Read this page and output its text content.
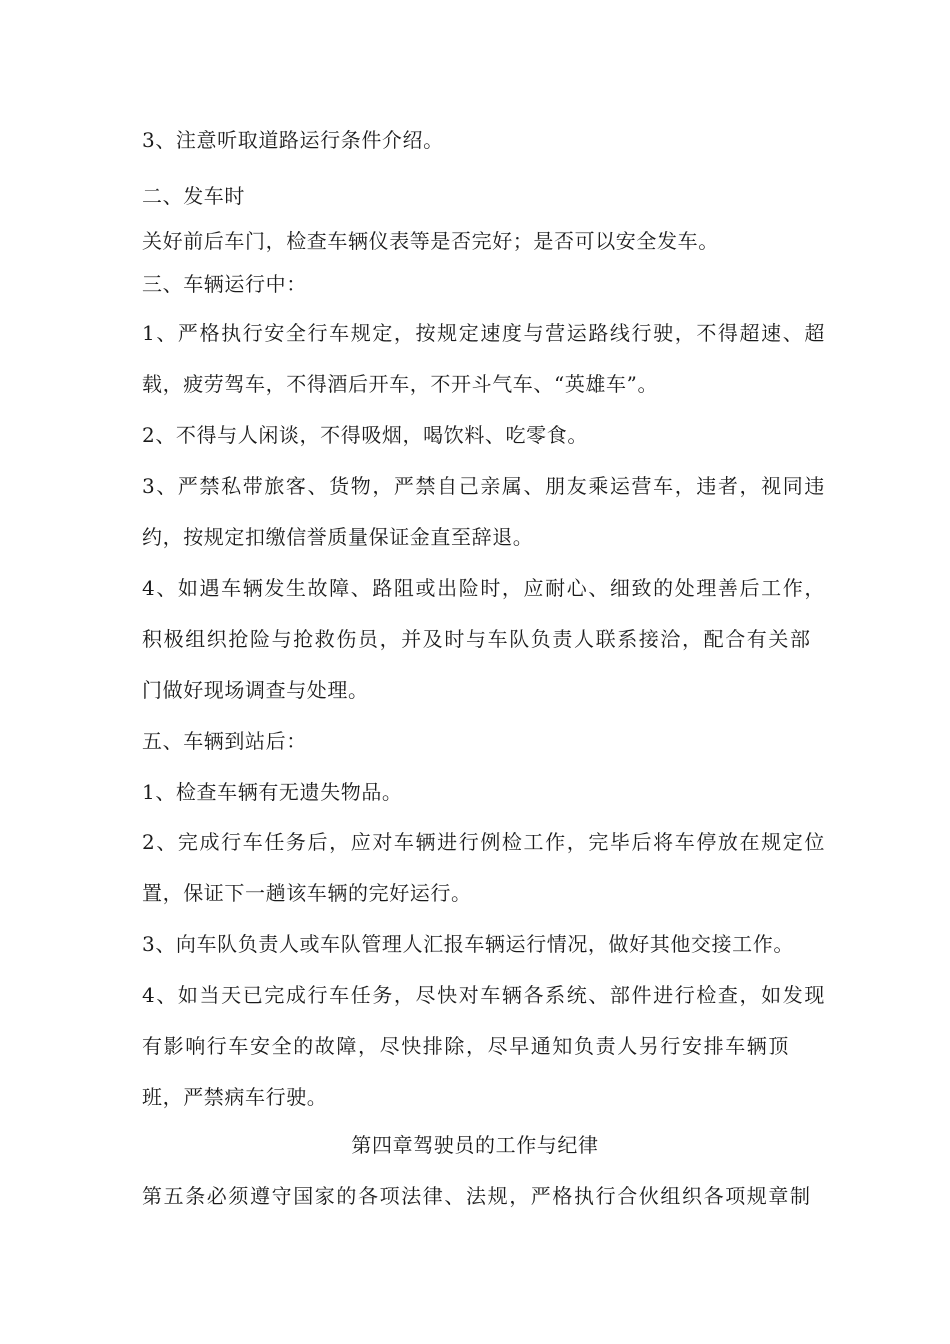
3、注意听取道路运行条件介绍。
二、发车时
关好前后车门，检查车辆仪表等是否完好；是否可以安全发车。
三、车辆运行中：
1、严格执行安全行车规定，按规定速度与营运路线行驶，不得超速、超
载，疲劳驾车，不得酒后开车，不开斗气车、“英雄车”。
2、不得与人闲谈，不得吸烟，喝饮料、吃零食。
3、严禁私带旅客、货物，严禁自己亲属、朋友乘运营车，违者，视同违
约，按规定扣缴信誉质量保证金直至辞退。
4、如遇车辆发生故障、路阻或出险时，应耐心、细致的处理善后工作，
积极组织抢险与抢救伤员，并及时与车队负责人联系接洽，配合有关部
门做好现场调查与处理。
五、车辆到站后：
1、检查车辆有无遗失物品。
2、完成行车任务后，应对车辆进行例检工作，完毕后将车停放在规定位
置，保证下一趟该车辆的完好运行。
3、向车队负责人或车队管理人汇报车辆运行情况，做好其他交接工作。
4、如当天已完成行车任务，尽快对车辆各系统、部件进行检查，如发现
有影响行车安全的故障，尽快排除，尽早通知负责人另行安排车辆顶
班，严禁病车行驶。
第四章驾驶员的工作与纪律
第五条必须遵守国家的各项法律、法规，严格执行合伙组织各项规章制
